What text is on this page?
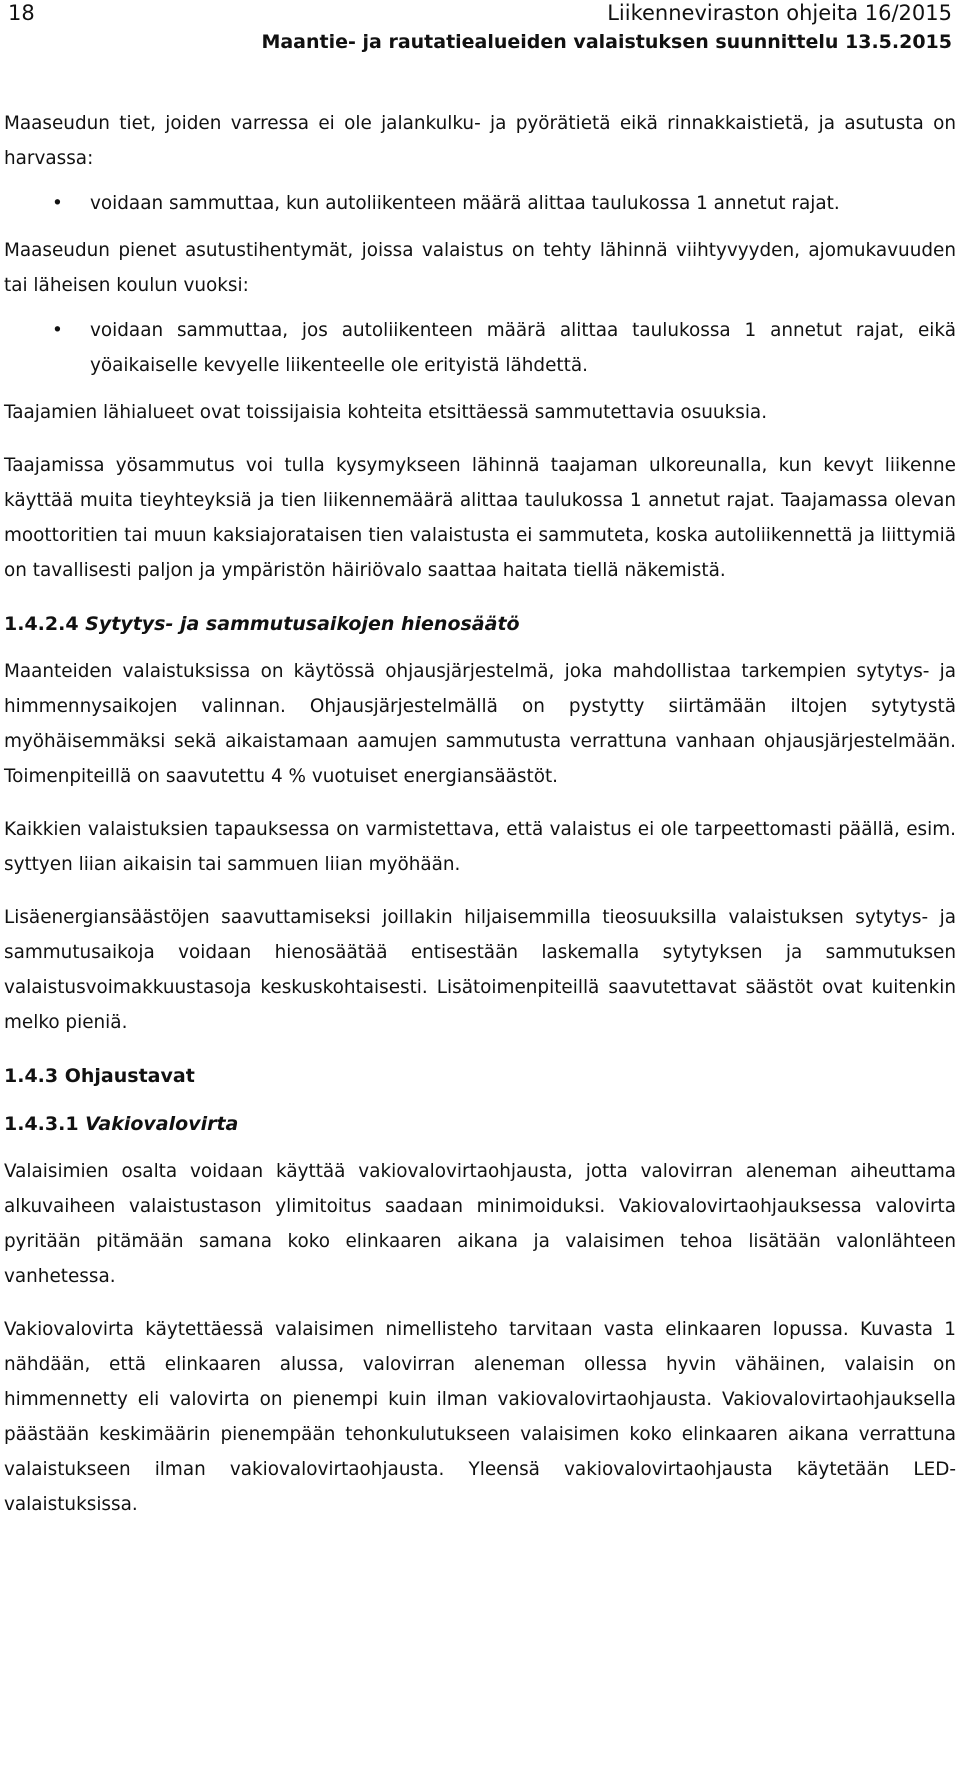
18	Liikenneviraston ohjeita 16/2015
Maantie- ja rautatiealueiden valaistuksen suunnittelu 13.5.2015

Maaseudun tiet, joiden varressa ei ole jalankulku- ja pyörätietä eikä rinnakkaistietä, ja asutusta on harvassa:

• voidaan sammuttaa, kun autoliikenteen määrä alittaa taulukossa 1 annetut rajat.

Maaseudun pienet asutustihentymät, joissa valaistus on tehty lähinnä viihtyvyyden, ajomukavuuden tai läheisen koulun vuoksi:

• voidaan sammuttaa, jos autoliikenteen määrä alittaa taulukossa 1 annetut rajat, eikä yöaikaiselle kevyelle liikenteelle ole erityistä lähdettä.

Taajamien lähialueet ovat toissijaisia kohteita etsittäessä sammutettavia osuuksia.

Taajamissa yösammutus voi tulla kysymykseen lähinnä taajaman ulkoreunalla, kun kevyt liikenne käyttää muita tieyhteyksiä ja tien liikennemäärä alittaa taulukossa 1 annetut rajat. Taajamassa olevan moottoritien tai muun kaksiajorataisen tien valaistusta ei sammuteta, koska autoliikennettä ja liittymiä on tavallisesti paljon ja ympäristön häiriövalo saattaa haitata tiellä näkemistä.

1.4.2.4 Sytytys- ja sammutusaikojen hienosäätö

Maanteiden valaistuksissa on käytössä ohjausjärjestelmä, joka mahdollistaa tarkempien sytytys- ja himmennysaikojen valinnan. Ohjausjärjestelmällä on pystytty siirtämään iltojen sytytystä myöhäisemmäksi sekä aikaistamaan aamujen sammutusta verrattuna vanhaan ohjausjärjestelmään. Toimenpiteillä on saavutettu 4 % vuotuiset energiansäästöt.

Kaikkien valaistuksien tapauksessa on varmistettava, että valaistus ei ole tarpeettomasti päällä, esim. syttyen liian aikaisin tai sammuen liian myöhään.

Lisäenergiansäästöjen saavuttamiseksi joillakin hiljaisemmilla tieosuuksilla valaistuksen sytytys- ja sammutusaikoja voidaan hienosäätää entisestään laskemalla sytytyksen ja sammutuksen valaistusvoimakkuustasoja keskuskohtaisesti. Lisätoimenpiteillä saavutettavat säästöt ovat kuitenkin melko pieniä.

1.4.3 Ohjaustavat
1.4.3.1 Vakiovalovirta

Valaisimien osalta voidaan käyttää vakiovalovirtaohjausta, jotta valovirran aleneman aiheuttama alkuvaiheen valaistustason ylimitoitus saadaan minimoiduksi. Vakiovalovirtaohjauksessa valovirta pyritään pitämään samana koko elinkaaren aikana ja valaisimen tehoa lisätään valonlähteen vanhetessa.

Vakiovalovirta käytettäessä valaisimen nimellisteho tarvitaan vasta elinkaaren lopussa. Kuvasta 1 nähdään, että elinkaaren alussa, valovirran aleneman ollessa hyvin vähäinen, valaisin on himmennetty eli valovirta on pienempi kuin ilman vakiovalovirtaohjausta. Vakiovalovirtaohjauksella päästään keskimäärin pienempään tehonkulutukseen valaisimen koko elinkaaren aikana verrattuna valaistukseen ilman vakiovalovirtaohjausta. Yleensä vakiovalovirtaohjausta käytetään LED-valaistuksissa.
